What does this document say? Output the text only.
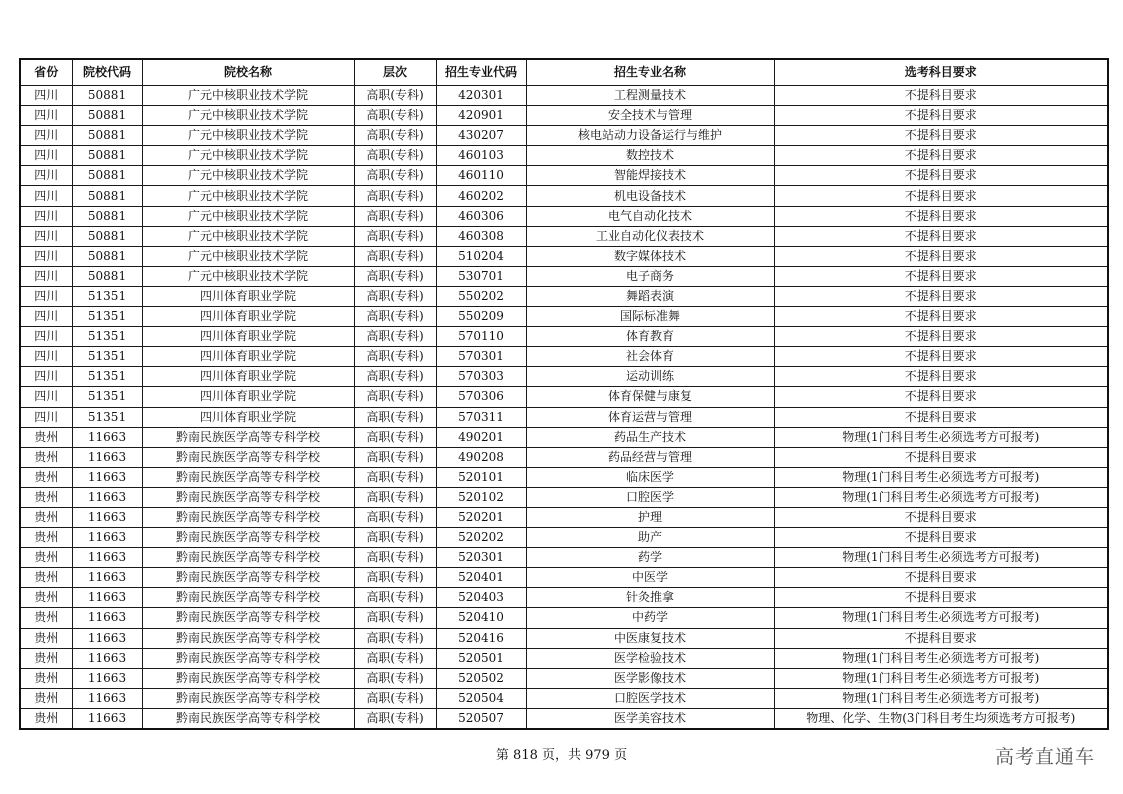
省份	院校代码	院校名称	层次	招生专业代码	招生专业名称	选考科目要求
四川	50881	广元中核职业技术学院	高职(专科)	420301	工程测量技术	不提科目要求
四川	50881	广元中核职业技术学院	高职(专科)	420901	安全技术与管理	不提科目要求
四川	50881	广元中核职业技术学院	高职(专科)	430207	核电站动力设备运行与维护	不提科目要求
四川	50881	广元中核职业技术学院	高职(专科)	460103	数控技术	不提科目要求
四川	50881	广元中核职业技术学院	高职(专科)	460110	智能焊接技术	不提科目要求
四川	50881	广元中核职业技术学院	高职(专科)	460202	机电设备技术	不提科目要求
四川	50881	广元中核职业技术学院	高职(专科)	460306	电气自动化技术	不提科目要求
四川	50881	广元中核职业技术学院	高职(专科)	460308	工业自动化仪表技术	不提科目要求
四川	50881	广元中核职业技术学院	高职(专科)	510204	数字媒体技术	不提科目要求
四川	50881	广元中核职业技术学院	高职(专科)	530701	电子商务	不提科目要求
四川	51351	四川体育职业学院	高职(专科)	550202	舞蹈表演	不提科目要求
四川	51351	四川体育职业学院	高职(专科)	550209	国际标准舞	不提科目要求
四川	51351	四川体育职业学院	高职(专科)	570110	体育教育	不提科目要求
四川	51351	四川体育职业学院	高职(专科)	570301	社会体育	不提科目要求
四川	51351	四川体育职业学院	高职(专科)	570303	运动训练	不提科目要求
四川	51351	四川体育职业学院	高职(专科)	570306	体育保健与康复	不提科目要求
四川	51351	四川体育职业学院	高职(专科)	570311	体育运营与管理	不提科目要求
贵州	11663	黔南民族医学高等专科学校	高职(专科)	490201	药品生产技术	物理(1门科目考生必须选考方可报考)
贵州	11663	黔南民族医学高等专科学校	高职(专科)	490208	药品经营与管理	不提科目要求
贵州	11663	黔南民族医学高等专科学校	高职(专科)	520101	临床医学	物理(1门科目考生必须选考方可报考)
贵州	11663	黔南民族医学高等专科学校	高职(专科)	520102	口腔医学	物理(1门科目考生必须选考方可报考)
贵州	11663	黔南民族医学高等专科学校	高职(专科)	520201	护理	不提科目要求
贵州	11663	黔南民族医学高等专科学校	高职(专科)	520202	助产	不提科目要求
贵州	11663	黔南民族医学高等专科学校	高职(专科)	520301	药学	物理(1门科目考生必须选考方可报考)
贵州	11663	黔南民族医学高等专科学校	高职(专科)	520401	中医学	不提科目要求
贵州	11663	黔南民族医学高等专科学校	高职(专科)	520403	针灸推拿	不提科目要求
贵州	11663	黔南民族医学高等专科学校	高职(专科)	520410	中药学	物理(1门科目考生必须选考方可报考)
贵州	11663	黔南民族医学高等专科学校	高职(专科)	520416	中医康复技术	不提科目要求
贵州	11663	黔南民族医学高等专科学校	高职(专科)	520501	医学检验技术	物理(1门科目考生必须选考方可报考)
贵州	11663	黔南民族医学高等专科学校	高职(专科)	520502	医学影像技术	物理(1门科目考生必须选考方可报考)
贵州	11663	黔南民族医学高等专科学校	高职(专科)	520504	口腔医学技术	物理(1门科目考生必须选考方可报考)
贵州	11663	黔南民族医学高等专科学校	高职(专科)	520507	医学美容技术	物理、化学、生物(3门科目考生均须选考方可报考)
第 818 页，共 979 页	高考直通车
